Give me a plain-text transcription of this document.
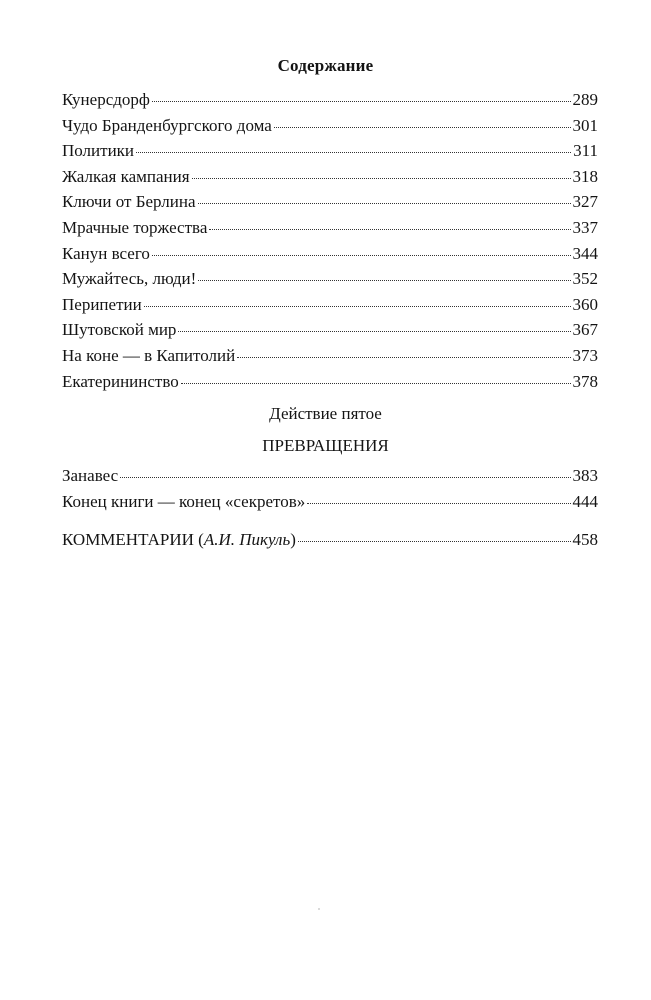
Содержание
Кунерсдорф	289
Чудо Бранденбургского дома	301
Политики	311
Жалкая кампания	318
Ключи от Берлина	327
Мрачные торжества	337
Канун всего	344
Мужайтесь, люди!	352
Перипетии	360
Шутовской мир	367
На коне — в Капитолий	373
Екатерининство	378
Действие пятое
ПРЕВРАЩЕНИЯ
Занавес	383
Конец книги — конец «секретов»	444
КОММЕНТАРИИ (А.И. Пикуль)	458
